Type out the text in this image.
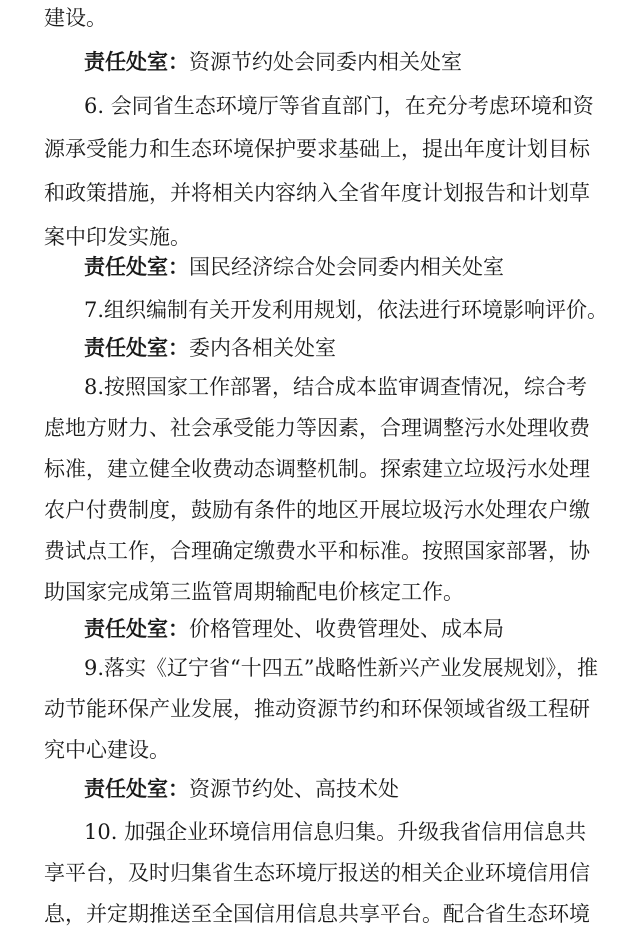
建设。
责任处室：资源节约处会同委内相关处室
6. 会同省生态环境厅等省直部门，在充分考虑环境和资
源承受能力和生态环境保护要求基础上，提出年度计划目标
和政策措施，并将相关内容纳入全省年度计划报告和计划草
案中印发实施。
责任处室：国民经济综合处会同委内相关处室
7.组织编制有关开发利用规划，依法进行环境影响评价。
责任处室：委内各相关处室
8.按照国家工作部署，结合成本监审调查情况，综合考
虑地方财力、社会承受能力等因素，合理调整污水处理收费
标准，建立健全收费动态调整机制。探索建立垃圾污水处理
农户付费制度，鼓励有条件的地区开展垃圾污水处理农户缴
费试点工作，合理确定缴费水平和标准。按照国家部署，协
助国家完成第三监管周期输配电价核定工作。
责任处室：价格管理处、收费管理处、成本局
9.落实《辽宁省“十四五”战略性新兴产业发展规划》，推
动节能环保产业发展，推动资源节约和环保领域省级工程研
究中心建设。
责任处室：资源节约处、高技术处
10. 加强企业环境信用信息归集。升级我省信用信息共
享平台，及时归集省生态环境厅报送的相关企业环境信用信
息，并定期推送至全国信用信息共享平台。配合省生态环境
